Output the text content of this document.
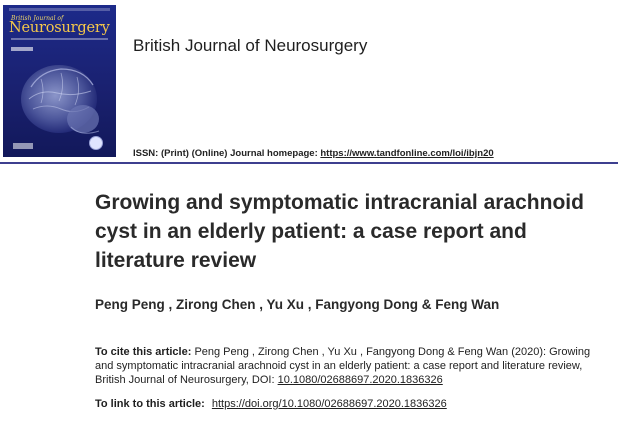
British Journal of
Neurosurgery
British Journal of Neurosurgery
ISSN: (Print) (Online) Journal homepage: https://www.tandfonline.com/loi/ibjn20
Growing and symptomatic intracranial arachnoid cyst in an elderly patient: a case report and literature review
Peng Peng , Zirong Chen , Yu Xu , Fangyong Dong & Feng Wan
To cite this article: Peng Peng , Zirong Chen , Yu Xu , Fangyong Dong & Feng Wan (2020): Growing and symptomatic intracranial arachnoid cyst in an elderly patient: a case report and literature review, British Journal of Neurosurgery, DOI: 10.1080/02688697.2020.1836326
To link to this article: https://doi.org/10.1080/02688697.2020.1836326
